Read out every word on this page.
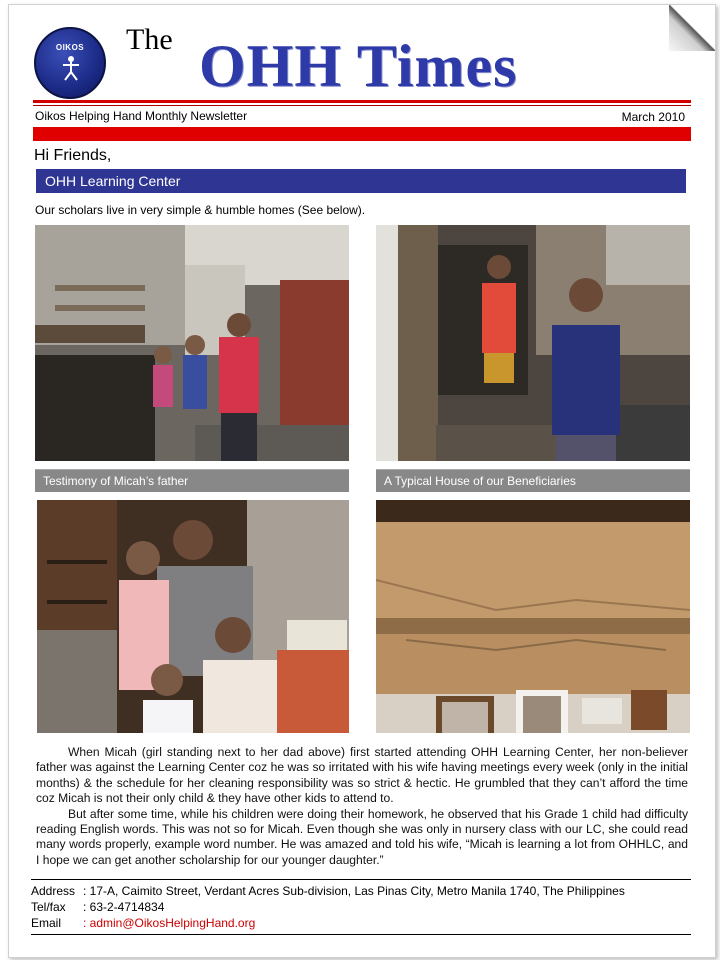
OIKOS The OHH Times
Oikos Helping Hand Monthly Newsletter	March 2010
Hi Friends,
OHH Learning Center
Our scholars live in very simple & humble homes (See below).
Testimony of Micah’s father	A Typical House of our Beneficiaries

When Micah (girl standing next to her dad above) first started attending OHH Learning Center, her non-believer father was against the Learning Center coz he was so irritated with his wife having meetings every week (only in the initial months) & the schedule for her cleaning responsibility was so strict & hectic. He grumbled that they can’t afford the time coz Micah is not their only child & they have other kids to attend to.

But after some time, while his children were doing their homework, he observed that his Grade 1 child had difficulty reading English words. This was not so for Micah. Even though she was only in nursery class with our LC, she could read many words properly, example word number. He was amazed and told his wife, “Micah is learning a lot from OHHLC, and I hope we can get another scholarship for our younger daughter.”

Address : 17-A, Caimito Street, Verdant Acres Sub-division, Las Pinas City, Metro Manila 1740, The Philippines
Tel/fax : 63-2-4714834
Email : admin@OikosHelpingHand.org
